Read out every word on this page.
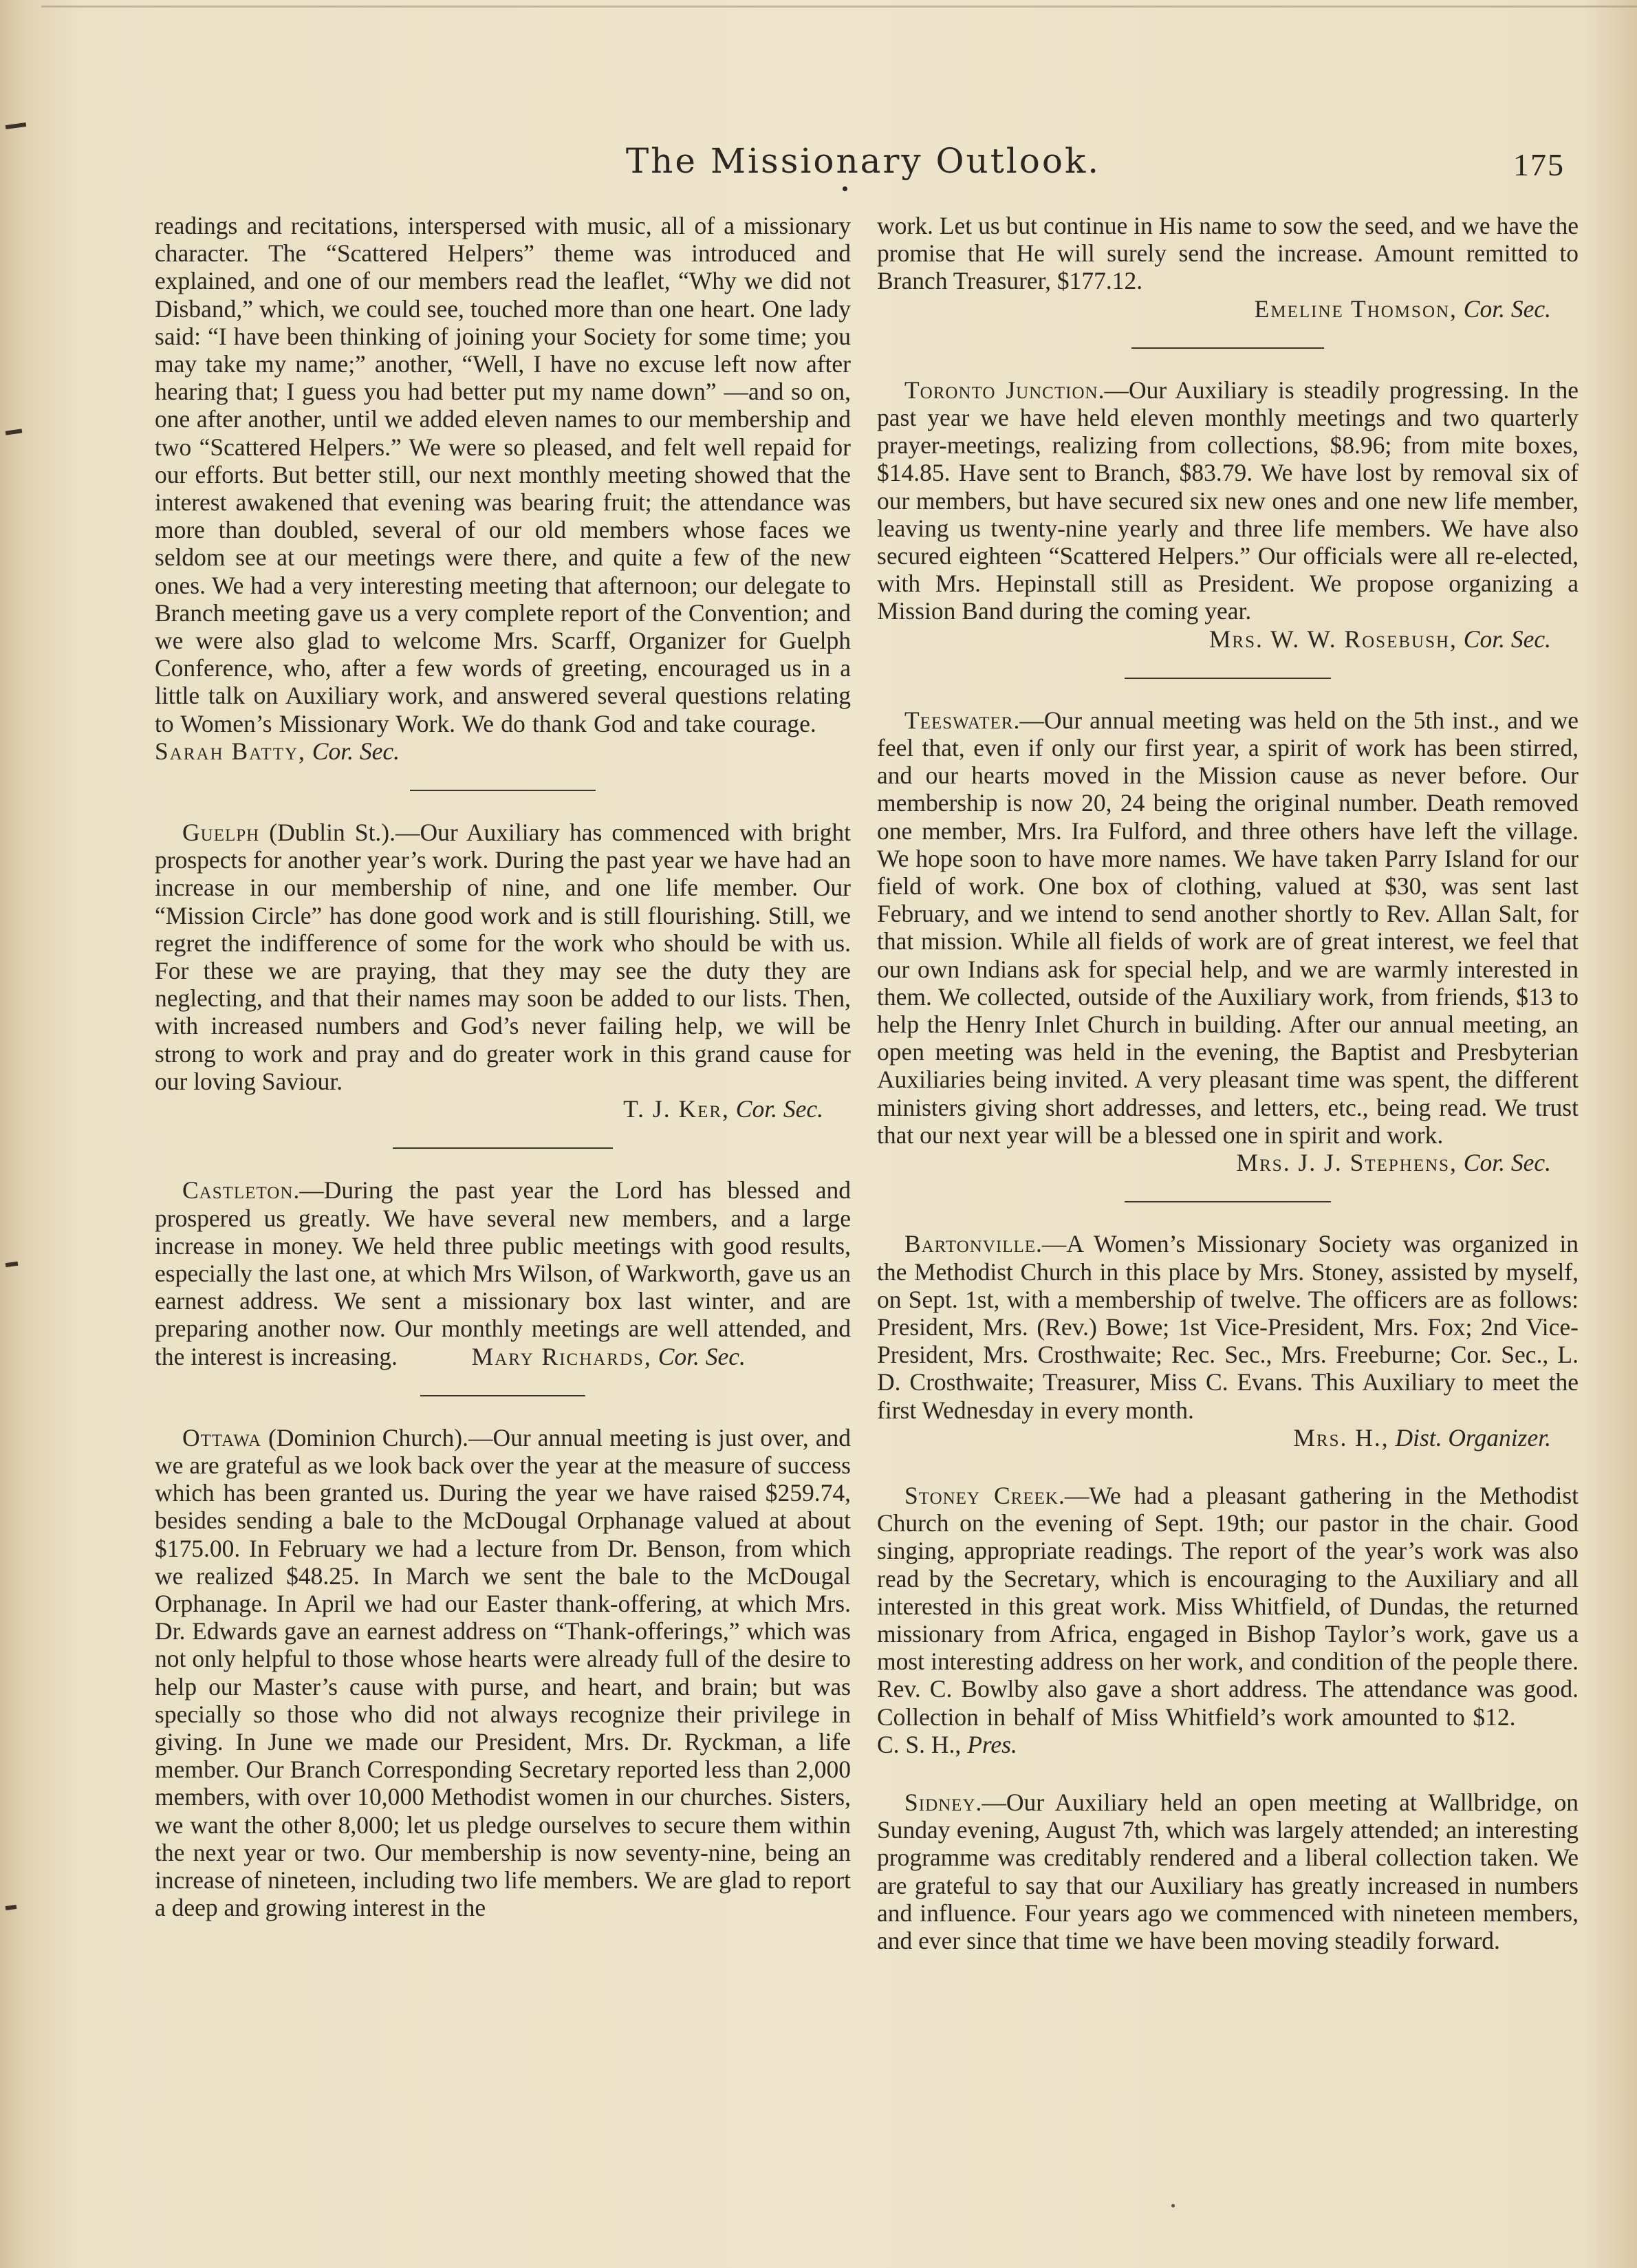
The Missionary Outlook.	175

readings and recitations, interspersed with music, all of a missionary character. The “Scattered Helpers” theme was introduced and explained, and one of our members read the leaflet, “Why we did not Disband,” which, we could see, touched more than one heart. One lady said: “I have been thinking of joining your Society for some time; you may take my name;” another, “Well, I have no excuse left now after hearing that; I guess you had better put my name down” —and so on, one after another, until we added eleven names to our membership and two “Scattered Helpers.” We were so pleased, and felt well repaid for our efforts. But better still, our next monthly meeting showed that the interest awakened that evening was bearing fruit; the attendance was more than doubled, several of our old members whose faces we seldom see at our meetings were there, and quite a few of the new ones. We had a very interesting meeting that afternoon; our delegate to Branch meeting gave us a very complete report of the Convention; and we were also glad to welcome Mrs. Scarff, Organizer for Guelph Conference, who, after a few words of greeting, encouraged us in a little talk on Auxiliary work, and answered several questions relating to Women’s Missionary Work. We do thank God and take courage.  Sarah Batty, Cor. Sec.

Guelph (Dublin St.).—Our Auxiliary has commenced with bright prospects for another year’s work. During the past year we have had an increase in our membership of nine, and one life member. Our “Mission Circle” has done good work and is still flourishing. Still, we regret the indifference of some for the work who should be with us. For these we are praying, that they may see the duty they are neglecting, and that their names may soon be added to our lists. Then, with increased numbers and God’s never failing help, we will be strong to work and pray and do greater work in this grand cause for our loving Saviour.

T. J. Ker, Cor. Sec.

Castleton.—During the past year the Lord has blessed and prospered us greatly. We have several new members, and a large increase in money. We held three public meetings with good results, especially the last one, at which Mrs Wilson, of Warkworth, gave us an earnest address. We sent a missionary box last winter, and are preparing another now. Our monthly meetings are well attended, and the interest is increasing.	Mary Richards, Cor. Sec.

Ottawa (Dominion Church).—Our annual meeting is just over, and we are grateful as we look back over the year at the measure of success which has been granted us. During the year we have raised $259.74, besides sending a bale to the McDougal Orphanage valued at about $175.00. In February we had a lecture from Dr. Benson, from which we realized $48.25. In March we sent the bale to the McDougal Orphanage. In April we had our Easter thank-offering, at which Mrs. Dr. Edwards gave an earnest address on “Thank-offerings,” which was not only helpful to those whose hearts were already full of the desire to help our Master’s cause with purse, and heart, and brain; but was specially so those who did not always recognize their privilege in giving. In June we made our President, Mrs. Dr. Ryckman, a life member. Our Branch Corresponding Secretary reported less than 2,000 members, with over 10,000 Methodist women in our churches. Sisters, we want the other 8,000; let us pledge ourselves to secure them within the next year or two. Our membership is now seventy-nine, being an increase of nineteen, including two life members. We are glad to report a deep and growing interest in the

work. Let us but continue in His name to sow the seed, and we have the promise that He will surely send the increase. Amount remitted to Branch Treasurer, $177.12.

Emeline Thomson, Cor. Sec.

Toronto Junction.—Our Auxiliary is steadily progressing. In the past year we have held eleven monthly meetings and two quarterly prayer-meetings, realizing from collections, $8.96; from mite boxes, $14.85. Have sent to Branch, $83.79. We have lost by removal six of our members, but have secured six new ones and one new life member, leaving us twenty-nine yearly and three life members. We have also secured eighteen “Scattered Helpers.” Our officials were all re-elected, with Mrs. Hepinstall still as President. We propose organizing a Mission Band during the coming year.

Mrs. W. W. Rosebush, Cor. Sec.

Teeswater.—Our annual meeting was held on the 5th inst., and we feel that, even if only our first year, a spirit of work has been stirred, and our hearts moved in the Mission cause as never before. Our membership is now 20, 24 being the original number. Death removed one member, Mrs. Ira Fulford, and three others have left the village. We hope soon to have more names. We have taken Parry Island for our field of work. One box of clothing, valued at $30, was sent last February, and we intend to send another shortly to Rev. Allan Salt, for that mission. While all fields of work are of great interest, we feel that our own Indians ask for special help, and we are warmly interested in them. We collected, outside of the Auxiliary work, from friends, $13 to help the Henry Inlet Church in building. After our annual meeting, an open meeting was held in the evening, the Baptist and Presbyterian Auxiliaries being invited. A very pleasant time was spent, the different ministers giving short addresses, and letters, etc., being read. We trust that our next year will be a blessed one in spirit and work.

Mrs. J. J. Stephens, Cor. Sec.

Bartonville.—A Women’s Missionary Society was organized in the Methodist Church in this place by Mrs. Stoney, assisted by myself, on Sept. 1st, with a membership of twelve. The officers are as follows: President, Mrs. (Rev.) Bowe; 1st Vice-President, Mrs. Fox; 2nd Vice-President, Mrs. Crosthwaite; Rec. Sec., Mrs. Freeburne; Cor. Sec., L. D. Crosthwaite; Treasurer, Miss C. Evans. This Auxiliary to meet the first Wednesday in every month.

Mrs. H., Dist. Organizer.

Stoney Creek.—We had a pleasant gathering in the Methodist Church on the evening of Sept. 19th; our pastor in the chair. Good singing, appropriate readings. The report of the year’s work was also read by the Secretary, which is encouraging to the Auxiliary and all interested in this great work. Miss Whitfield, of Dundas, the returned missionary from Africa, engaged in Bishop Taylor’s work, gave us a most interesting address on her work, and condition of the people there. Rev. C. Bowlby also gave a short address. The attendance was good. Collection in behalf of Miss Whitfield’s work amounted to $12.  C. S. H., Pres.

Sidney.—Our Auxiliary held an open meeting at Wallbridge, on Sunday evening, August 7th, which was largely attended; an interesting programme was creditably rendered and a liberal collection taken. We are grateful to say that our Auxiliary has greatly increased in numbers and influence. Four years ago we commenced with nineteen members, and ever since that time we have been moving steadily forward.
